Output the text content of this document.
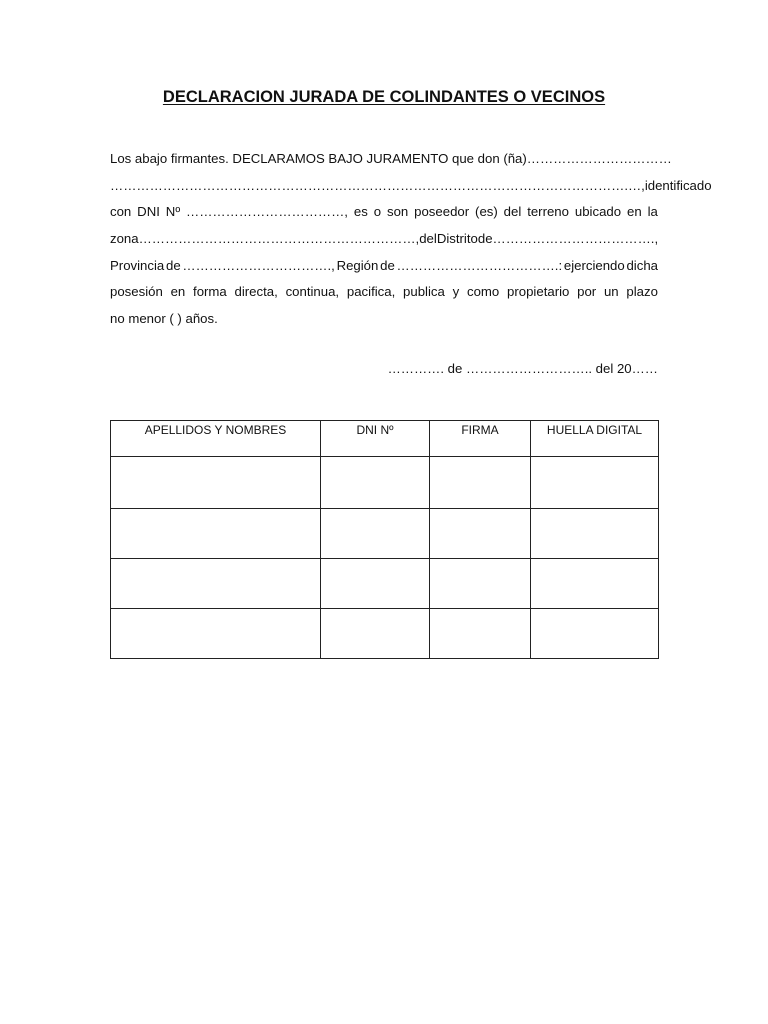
DECLARACION JURADA DE COLINDANTES O VECINOS
Los abajo firmantes. DECLARAMOS BAJO JURAMENTO que don (ña)……………………………
……………………………………………………………………………………………………….…, identificado
con DNI Nº ………………………………, es o son poseedor (es) del terreno ubicado en la
zona ………………………………………………………, del Distrito de ……………………………….,
Provincia de ……………………………., Región de ……………………………….: ejerciendo dicha
posesión en forma directa, continua, pacifica, publica y como propietario por un plazo
no menor ( ) años.
…………. de ……………………….. del 20……
APELLIDOS Y NOMBRES	DNI Nº	FIRMA	HUELLA DIGITAL
